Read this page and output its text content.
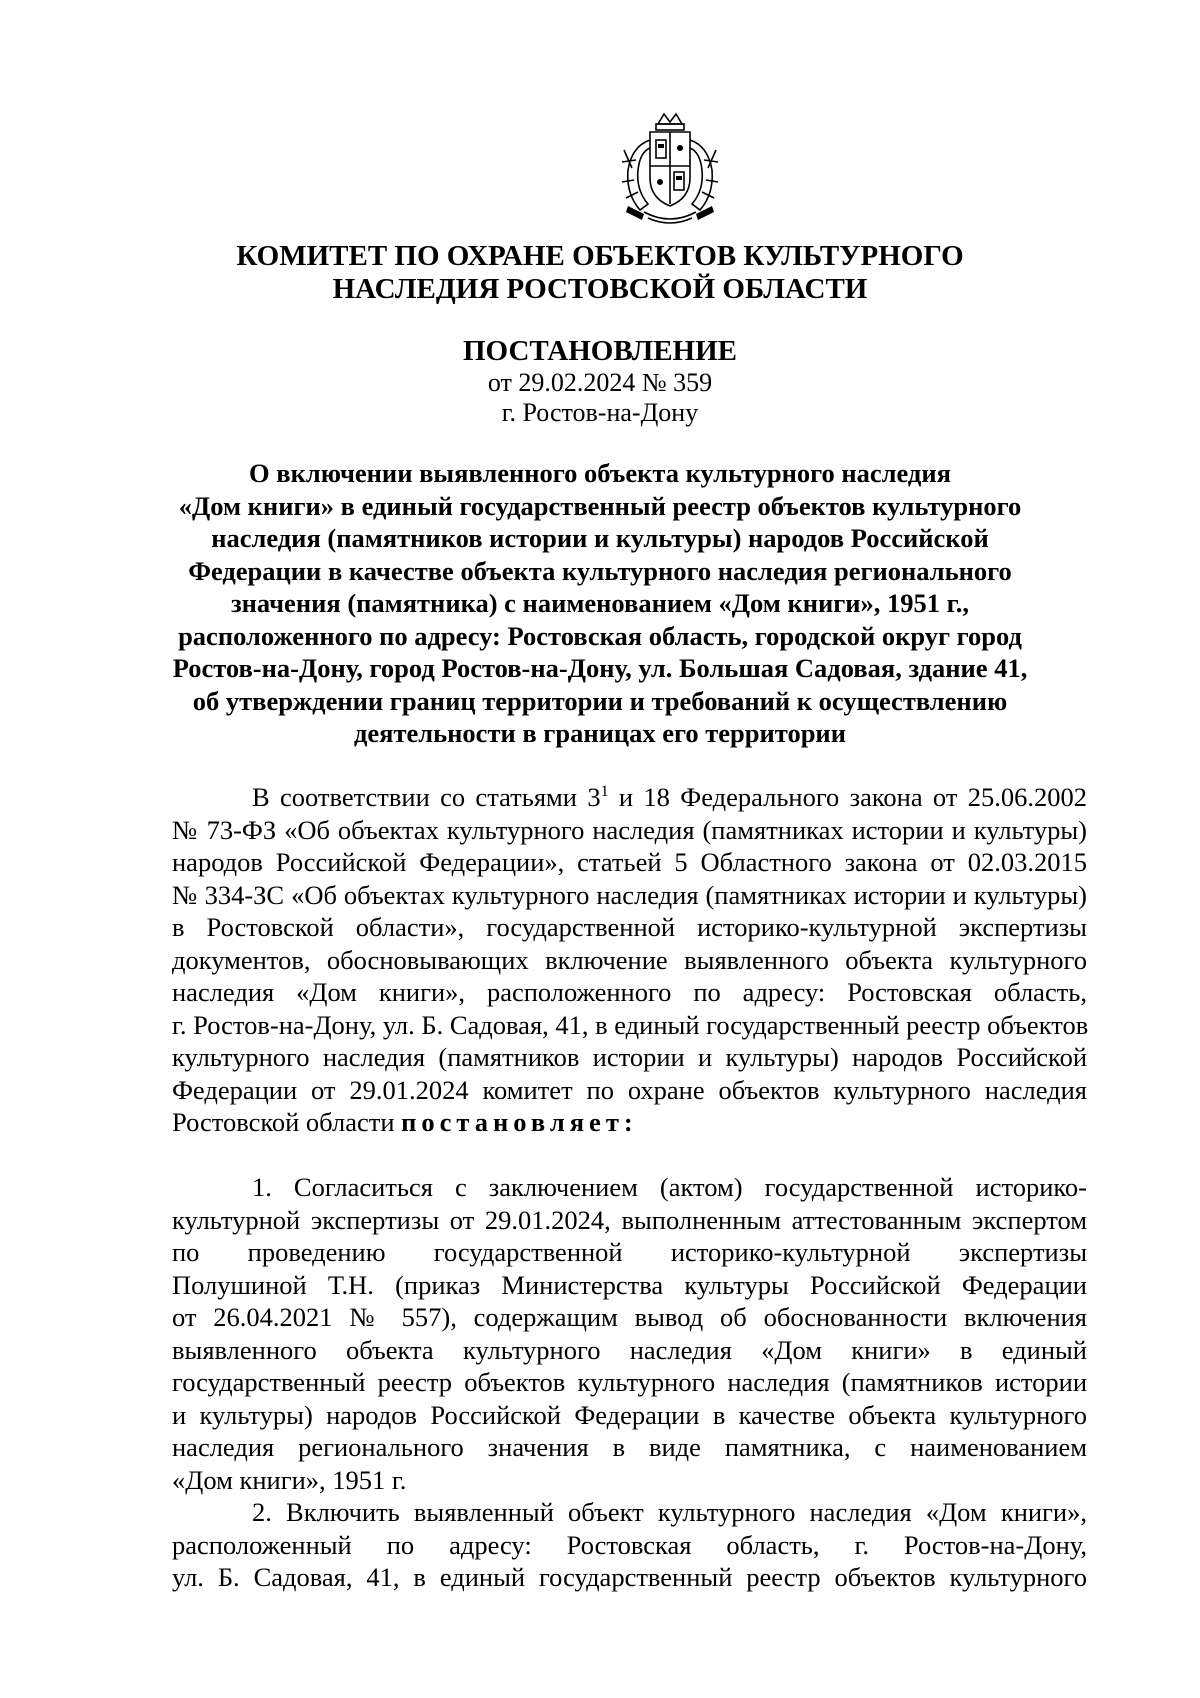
КОМИТЕТ ПО ОХРАНЕ ОБЪЕКТОВ КУЛЬТУРНОГО
НАСЛЕДИЯ РОСТОВСКОЙ ОБЛАСТИ
ПОСТАНОВЛЕНИЕ
от 29.02.2024 № 359
г. Ростов-на-Дону
О включении выявленного объекта культурного наследия
«Дом книги» в единый государственный реестр объектов культурного
наследия (памятников истории и культуры) народов Российской
Федерации в качестве объекта культурного наследия регионального
значения (памятника) с наименованием «Дом книги», 1951 г.,
расположенного по адресу: Ростовская область, городской округ город
Ростов-на-Дону, город Ростов-на-Дону, ул. Большая Садовая, здание 41,
об утверждении границ территории и требований к осуществлению
деятельности в границах его территории
В соответствии со статьями $3^1$ и 18 Федерального закона от 25.06.2002
№ 73-ФЗ «Об объектах культурного наследия (памятниках истории и культуры)
народов Российской Федерации», статьей 5 Областного закона от 02.03.2015
№ 334-ЗС «Об объектах культурного наследия (памятниках истории и культуры)
в Ростовской области», государственной историко-культурной экспертизы
документов, обосновывающих включение выявленного объекта культурного
наследия «Дом книги», расположенного по адресу: Ростовская область,
г. Ростов-на-Дону, ул. Б. Садовая, 41, в единый государственный реестр объектов
культурного наследия (памятников истории и культуры) народов Российской
Федерации от 29.01.2024 комитет по охране объектов культурного наследия
Ростовской области постановляет:
1. Согласиться с заключением (актом) государственной историко-
культурной экспертизы от 29.01.2024, выполненным аттестованным экспертом
по проведению государственной историко-культурной экспертизы
Полушиной Т.Н. (приказ Министерства культуры Российской Федерации
от 26.04.2021 № 557), содержащим вывод об обоснованности включения
выявленного объекта культурного наследия «Дом книги» в единый
государственный реестр объектов культурного наследия (памятников истории
и культуры) народов Российской Федерации в качестве объекта культурного
наследия регионального значения в виде памятника, с наименованием
«Дом книги», 1951 г.
2. Включить выявленный объект культурного наследия «Дом книги»,
расположенный по адресу: Ростовская область, г. Ростов-на-Дону,
ул. Б. Садовая, 41, в единый государственный реестр объектов культурного
